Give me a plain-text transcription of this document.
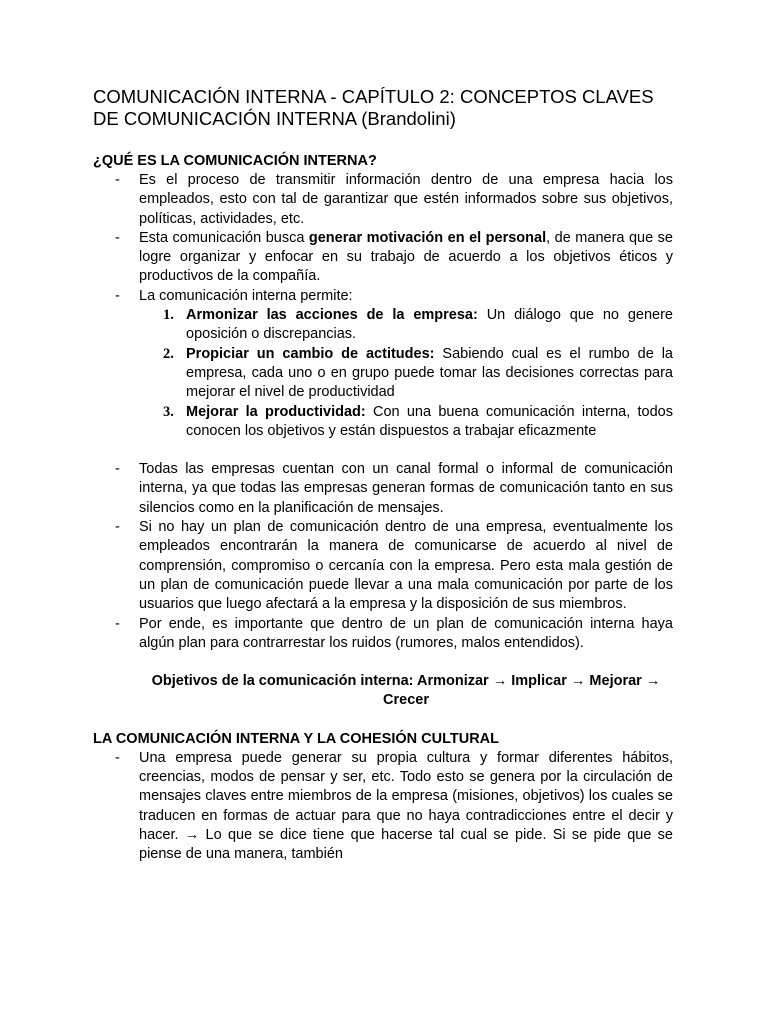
COMUNICACIÓN INTERNA - CAPÍTULO 2: CONCEPTOS CLAVES DE COMUNICACIÓN INTERNA (Brandolini)
¿QUÉ ES LA COMUNICACIÓN INTERNA?
- Es el proceso de transmitir información dentro de una empresa hacia los empleados, esto con tal de garantizar que estén informados sobre sus objetivos, políticas, actividades, etc.
- Esta comunicación busca generar motivación en el personal, de manera que se logre organizar y enfocar en su trabajo de acuerdo a los objetivos éticos y productivos de la compañía.
- La comunicación interna permite:
1. Armonizar las acciones de la empresa: Un diálogo que no genere oposición o discrepancias.
2. Propiciar un cambio de actitudes: Sabiendo cual es el rumbo de la empresa, cada uno o en grupo puede tomar las decisiones correctas para mejorar el nivel de productividad
3. Mejorar la productividad: Con una buena comunicación interna, todos conocen los objetivos y están dispuestos a trabajar eficazmente
- Todas las empresas cuentan con un canal formal o informal de comunicación interna, ya que todas las empresas generan formas de comunicación tanto en sus silencios como en la planificación de mensajes.
- Si no hay un plan de comunicación dentro de una empresa, eventualmente los empleados encontrarán la manera de comunicarse de acuerdo al nivel de comprensión, compromiso o cercanía con la empresa. Pero esta mala gestión de un plan de comunicación puede llevar a una mala comunicación por parte de los usuarios que luego afectará a la empresa y la disposición de sus miembros.
- Por ende, es importante que dentro de un plan de comunicación interna haya algún plan para contrarrestar los ruidos (rumores, malos entendidos).
Objetivos de la comunicación interna: Armonizar → Implicar → Mejorar → Crecer
LA COMUNICACIÓN INTERNA Y LA COHESIÓN CULTURAL
- Una empresa puede generar su propia cultura y formar diferentes hábitos, creencias, modos de pensar y ser, etc. Todo esto se genera por la circulación de mensajes claves entre miembros de la empresa (misiones, objetivos) los cuales se traducen en formas de actuar para que no haya contradicciones entre el decir y hacer. → Lo que se dice tiene que hacerse tal cual se pide. Si se pide que se piense de una manera, también
